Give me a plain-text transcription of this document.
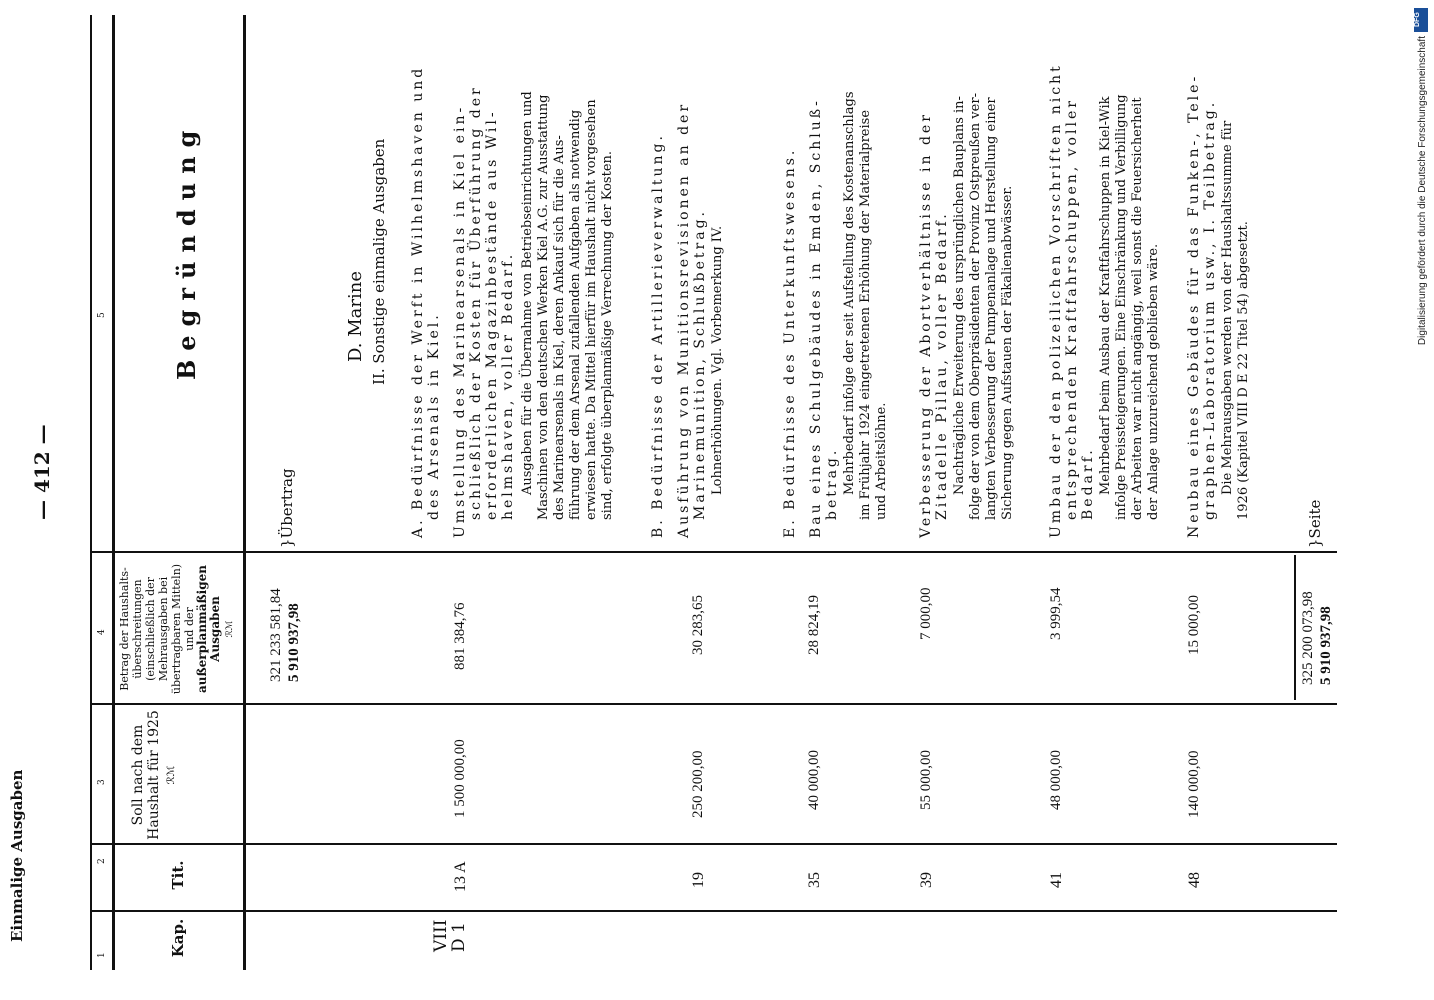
Einmalige Ausgaben
— 412 —
1
2
3
4
5
Kap.
Tit.
Soll nach dem Haushalt für 1925 ℛℳ
Betrag der Haushalts-überschreitungen (einschließlich der Mehrausgaben bei übertragbaren Mitteln) und der außerplanmäßigen Ausgaben ℛℳ
Begründung
321 233 581,84 5 910 937,98
}Übertrag
D. Marine II. Sonstige einmalige Ausgaben
VIII
D 1
13 A
1 500 000,00
881 384,76
A. Bedürfnisse der Werft in Wilhelmshaven und des Arsenals in Kiel. Umstellung des Marinearsenals in Kiel ein- schließlich der Kosten für Überführung der erforderlichen Magazinbestände aus Wil- helmshaven, voller Bedarf. Ausgaben für die Übernahme von Betriebseinrichtungen und Maschinen von den deutschen Werken Kiel A.G. zur Ausstattung des Marinearsenals in Kiel, deren Ankauf sich für die Aus- führung der dem Arsenal zufallenden Aufgaben als notwendig erwiesen hatte. Da Mittel hierfür im Haushalt nicht vorgesehen sind, erfolgte überplanmäßige Verrechnung der Kosten.
19
250 200,00
30 283,65
B. Bedürfnisse der Artillerieverwaltung. Ausführung von Munitionsrevisionen an der Marinemunition, Schlußbetrag. Lohnerhöhungen. Vgl. Vorbemerkung IV.
35
40 000,00
28 824,19
E. Bedürfnisse des Unterkunftswesens. Bau eines Schulgebäudes in Emden, Schluß- betrag. Mehrbedarf infolge der seit Aufstellung des Kostenanschlags im Frühjahr 1924 eingetretenen Erhöhung der Materialpreise und Arbeitslöhne.
39
55 000,00
7 000,00
Verbesserung der Abortverhältnisse in der Zitadelle Pillau, voller Bedarf. Nachträgliche Erweiterung des ursprünglichen Bauplans in- folge der von dem Oberpräsidenten der Provinz Ostpreußen ver- langten Verbesserung der Pumpenanlage und Herstellung einer Sicherung gegen Aufstauen der Fäkalienabwässer.
41
48 000,00
3 999,54
Umbau der den polizeilichen Vorschriften nicht entsprechenden Kraftfahrschuppen, voller Bedarf. Mehrbedarf beim Ausbau der Kraftfahrschuppen in Kiel-Wik infolge Preissteigerungen. Eine Einschränkung und Verbilligung der Arbeiten war nicht angängig, weil sonst die Feuersicherheit der Anlage unzureichend geblieben wäre.
48
140 000,00
15 000,00
Neubau eines Gebäudes für das Funken-, Tele- graphen-Laboratorium usw., I. Teilbetrag. Die Mehrausgaben werden von der Haushaltssumme für 1926 (Kapitel VIII D E 22 Titel 54) abgesetzt.
325 200 073,98 5 910 937,98
}Seite
DFG
Digitalisierung gefördert durch die Deutsche Forschungsgemeinschaft
